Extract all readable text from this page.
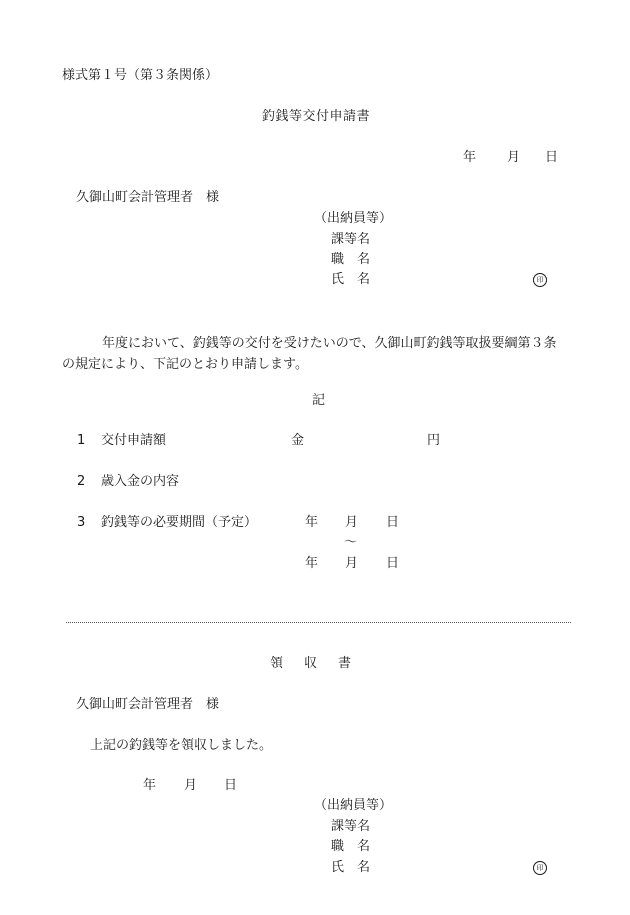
様式第１号（第３条関係）
釣銭等交付申請書
年 月 日
久御山町会計管理者　様
（出納員等）
課等名
職　名
氏　名	印
年度において、釣銭等の交付を受けたいので、久御山町釣銭等取扱要綱第３条
の規定により、下記のとおり申請します。
記
1 交付申請額	金	円
2 歳入金の内容
3 釣銭等の必要期間（予定）	年 月 日
～
年 月 日
領収書
久御山町会計管理者　様
上記の釣銭等を領収しました。
年 月 日
（出納員等）
課等名
職　名
氏　名	印
